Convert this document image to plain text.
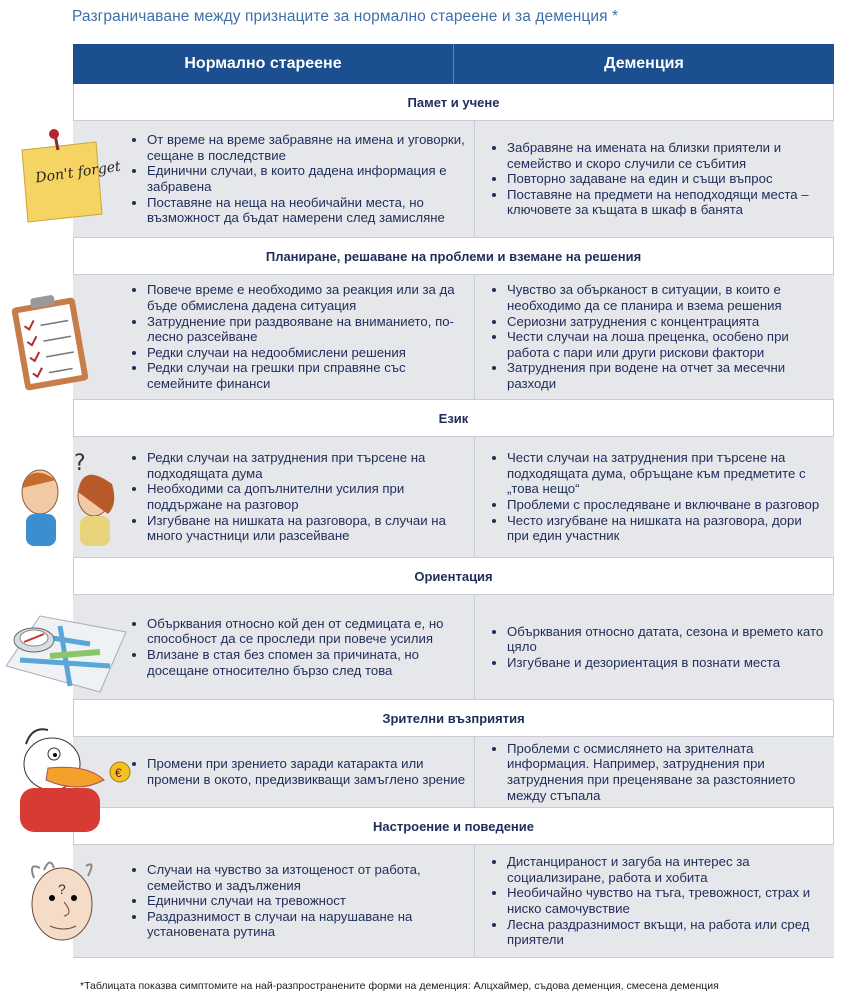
Разграничаване между признаците за нормално стареене и за деменция *
Нормално стареене	Деменция
Памет и учене
• От време на време забравяне на имена и уговорки, сещане в последствие
• Единични случаи, в които дадена информация е забравена
• Поставяне на неща на необичайни места, но възможност да бъдат намерени след замисляне
• Забравяне на имената на близки приятели и семейство и скоро случили се събития
• Повторно задаване на един и същи въпрос
• Поставяне на предмети на неподходящи места – ключовете за къщата в шкаф в банята
Планиране, решаване на проблеми и вземане на решения
• Повече време е необходимо за реакция или за да бъде обмислена дадена ситуация
• Затруднение при раздвояване на вниманието, по-лесно разсейване
• Редки случаи на недообмислени решения
• Редки случаи на грешки при справяне със семейните финанси
• Чувство за обърканост в ситуации, в които е необходимо да се планира и взема решения
• Сериозни затруднения с концентрацията
• Чести случаи на лоша преценка, особено при работа с пари или други рискови фактори
• Затруднения при водене на отчет за месечни разходи
Език
• Редки случаи на затруднения при търсене на подходящата дума
• Необходими са допълнителни усилия при поддържане на разговор
• Изгубване на нишката на разговора, в случаи на много участници или разсейване
• Чести случаи на затруднения при търсене на подходящата дума, обръщане към предметите с „това нещо“
• Проблеми с проследяване и включване в разговор
• Често изгубване на нишката на разговора, дори при един участник
Ориентация
• Обърквания относно кой ден от седмицата е, но способност да се проследи при повече усилия
• Влизане в стая без спомен за причината, но досещане относително бързо след това
• Обърквания относно датата, сезона и времето като цяло
• Изгубване и дезориентация в познати места
Зрителни възприятия
• Промени при зрението заради катаракта или промени в окото, предизвикващи замъглено зрение
• Проблеми с осмислянето на зрителната информация. Например, затруднения при затруднения при преценяване за разстоянието между стъпала
Настроение и поведение
• Случаи на чувство за изтощеност от работа, семейство и задължения
• Единични случаи на тревожност
• Раздразнимост в случаи на нарушаване на установената рутина
• Дистанцираност и загуба на интерес за социализиране, работа и хобита
• Необичайно чувство на тъга, тревожност, страх и ниско самочувствие
• Лесна раздразнимост вкъщи, на работа или сред приятели
Don't forget
?
€
?
*Таблицата показва симптомите на най-разпространените форми на деменция: Алцхаймер, съдова деменция, смесена деменция
